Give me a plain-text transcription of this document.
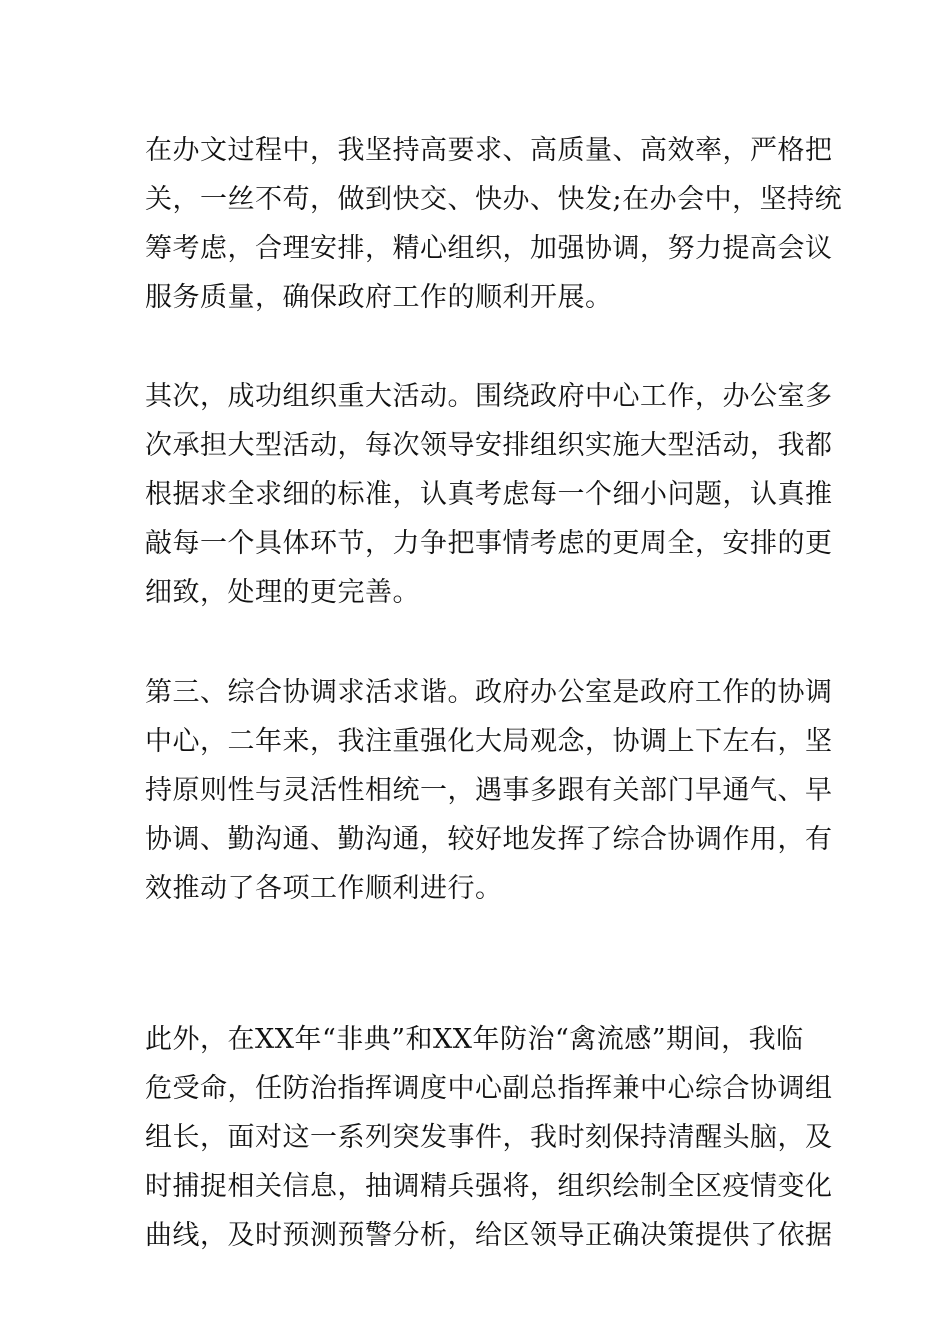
在办文过程中，我坚持高要求、高质量、高效率，严格把
关，一丝不苟，做到快交、快办、快发;在办会中，坚持统
筹考虑，合理安排，精心组织，加强协调，努力提高会议
服务质量，确保政府工作的顺利开展。

其次，成功组织重大活动。围绕政府中心工作，办公室多
次承担大型活动，每次领导安排组织实施大型活动，我都
根据求全求细的标准，认真考虑每一个细小问题，认真推
敲每一个具体环节，力争把事情考虑的更周全，安排的更
细致，处理的更完善。

第三、综合协调求活求谐。政府办公室是政府工作的协调
中心，二年来，我注重强化大局观念，协调上下左右，坚
持原则性与灵活性相统一，遇事多跟有关部门早通气、早
协调、勤沟通、勤沟通，较好地发挥了综合协调作用，有
效推动了各项工作顺利进行。

此外，在XX年“非典”和XX年防治“禽流感”期间，我临
危受命，任防治指挥调度中心副总指挥兼中心综合协调组
组长，面对这一系列突发事件，我时刻保持清醒头脑，及
时捕捉相关信息，抽调精兵强将，组织绘制全区疫情变化
曲线，及时预测预警分析，给区领导正确决策提供了依据
